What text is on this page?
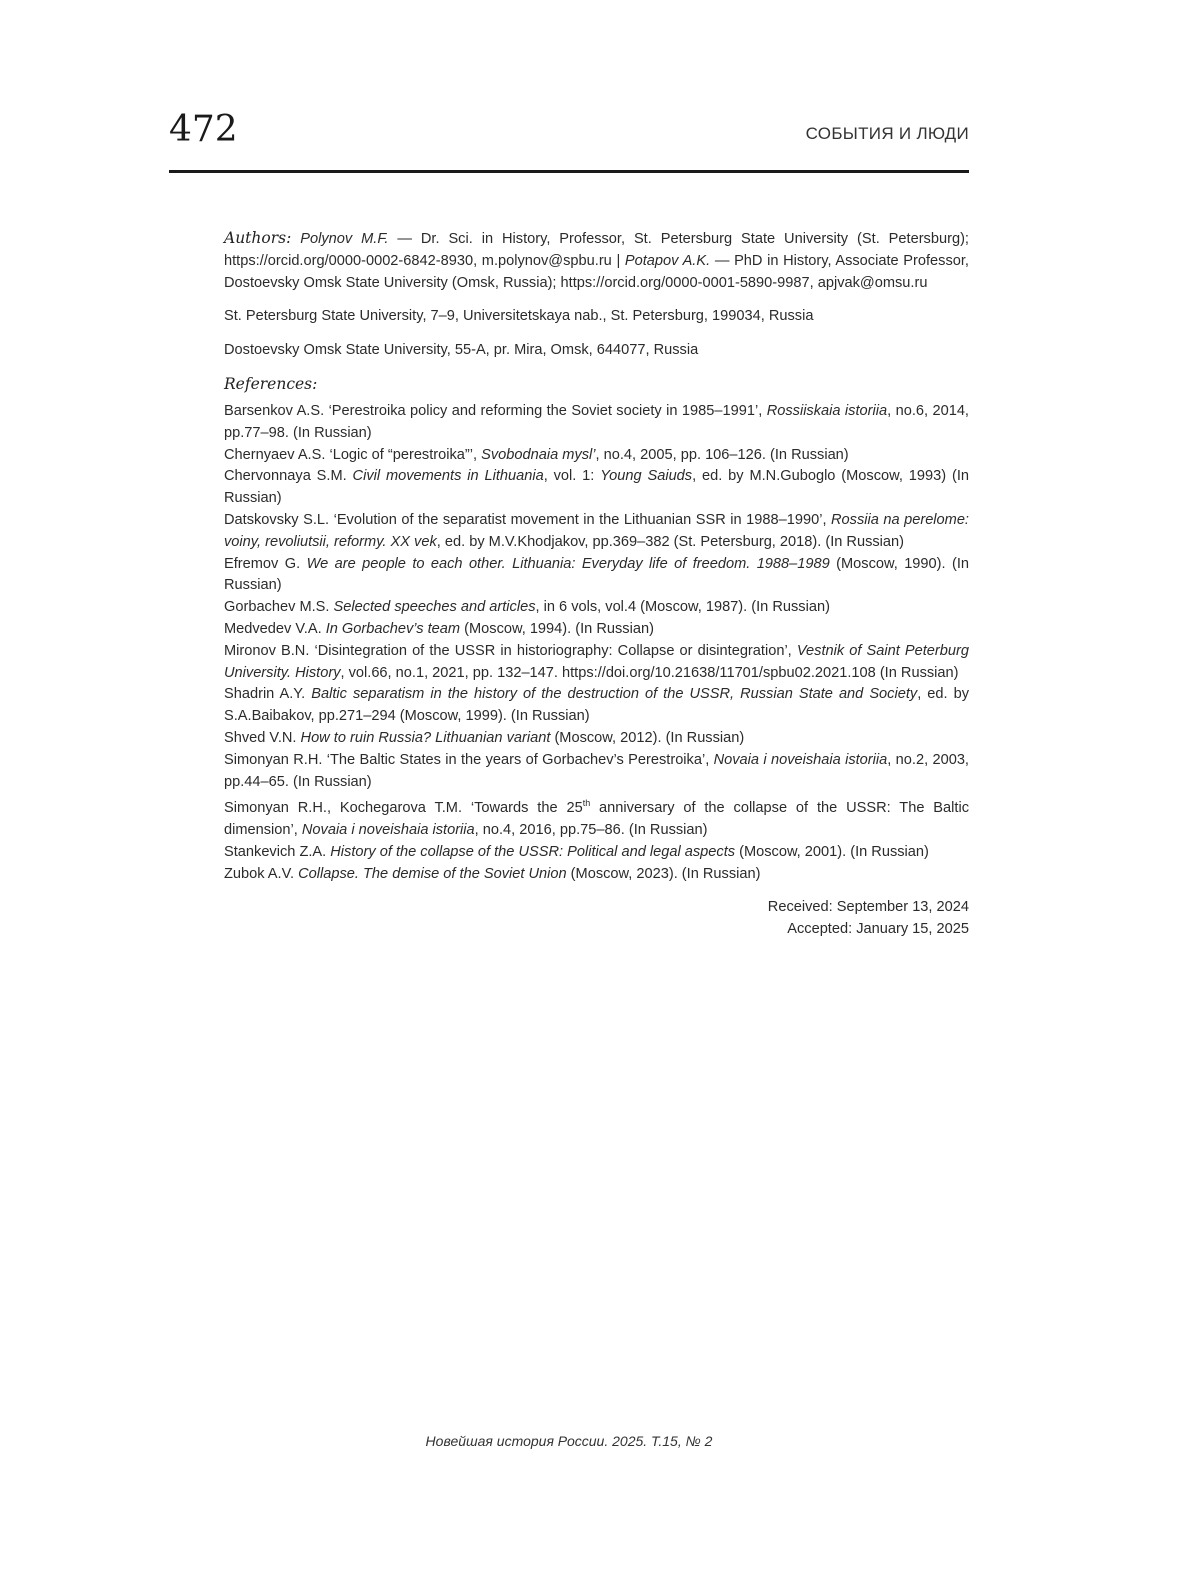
472	СОБЫТИЯ И ЛЮДИ

Authors: Polynov M.F. — Dr. Sci. in History, Professor, St. Petersburg State University (St. Petersburg); https://orcid.org/0000-0002-6842-8930, m.polynov@spbu.ru | Potapov A.K. — PhD in History, Associate Professor, Dostoevsky Omsk State University (Omsk, Russia); https://orcid.org/0000-0001-5890-9987, apjvak@omsu.ru

St. Petersburg State University, 7–9, Universitetskaya nab., St. Petersburg, 199034, Russia

Dostoevsky Omsk State University, 55-A, pr. Mira, Omsk, 644077, Russia

References:

Barsenkov A.S. ‘Perestroika policy and reforming the Soviet society in 1985–1991’, Rossiiskaia istoriia, no.6, 2014, pp.77–98. (In Russian)

Chernyaev A.S. ‘Logic of “perestroika”’, Svobodnaia mysl’, no.4, 2005, pp. 106–126. (In Russian)

Chervonnaya S.M. Civil movements in Lithuania, vol. 1: Young Saiuds, ed. by M.N.Guboglo (Moscow, 1993) (In Russian)

Datskovsky S.L. ‘Evolution of the separatist movement in the Lithuanian SSR in 1988–1990’, Rossiia na perelome: voiny, revoliutsii, reformy. XX vek, ed. by M.V.Khodjakov, pp.369–382 (St. Petersburg, 2018). (In Russian)

Efremov G. We are people to each other. Lithuania: Everyday life of freedom. 1988–1989 (Moscow, 1990). (In Russian)

Gorbachev M.S. Selected speeches and articles, in 6 vols, vol.4 (Moscow, 1987). (In Russian)

Medvedev V.A. In Gorbachev’s team (Moscow, 1994). (In Russian)

Mironov B.N. ‘Disintegration of the USSR in historiography: Collapse or disintegration’, Vestnik of Saint Peterburg University. History, vol.66, no.1, 2021, pp. 132–147. https://doi.org/10.21638/11701/spbu02.2021.108 (In Russian)

Shadrin A.Y. Baltic separatism in the history of the destruction of the USSR, Russian State and Society, ed. by S.A.Baibakov, pp.271–294 (Moscow, 1999). (In Russian)

Shved V.N. How to ruin Russia? Lithuanian variant (Moscow, 2012). (In Russian)

Simonyan R.H. ‘The Baltic States in the years of Gorbachev’s Perestroika’, Novaia i noveishaia istoriia, no.2, 2003, pp.44–65. (In Russian)

Simonyan R.H., Kochegarova T.M. ‘Towards the 25th anniversary of the collapse of the USSR: The Baltic dimension’, Novaia i noveishaia istoriia, no.4, 2016, pp.75–86. (In Russian)

Stankevich Z.A. History of the collapse of the USSR: Political and legal aspects (Moscow, 2001). (In Russian)

Zubok A.V. Collapse. The demise of the Soviet Union (Moscow, 2023). (In Russian)

Received: September 13, 2024
Accepted: January 15, 2025
Новейшая история России. 2025. Т.15, № 2
